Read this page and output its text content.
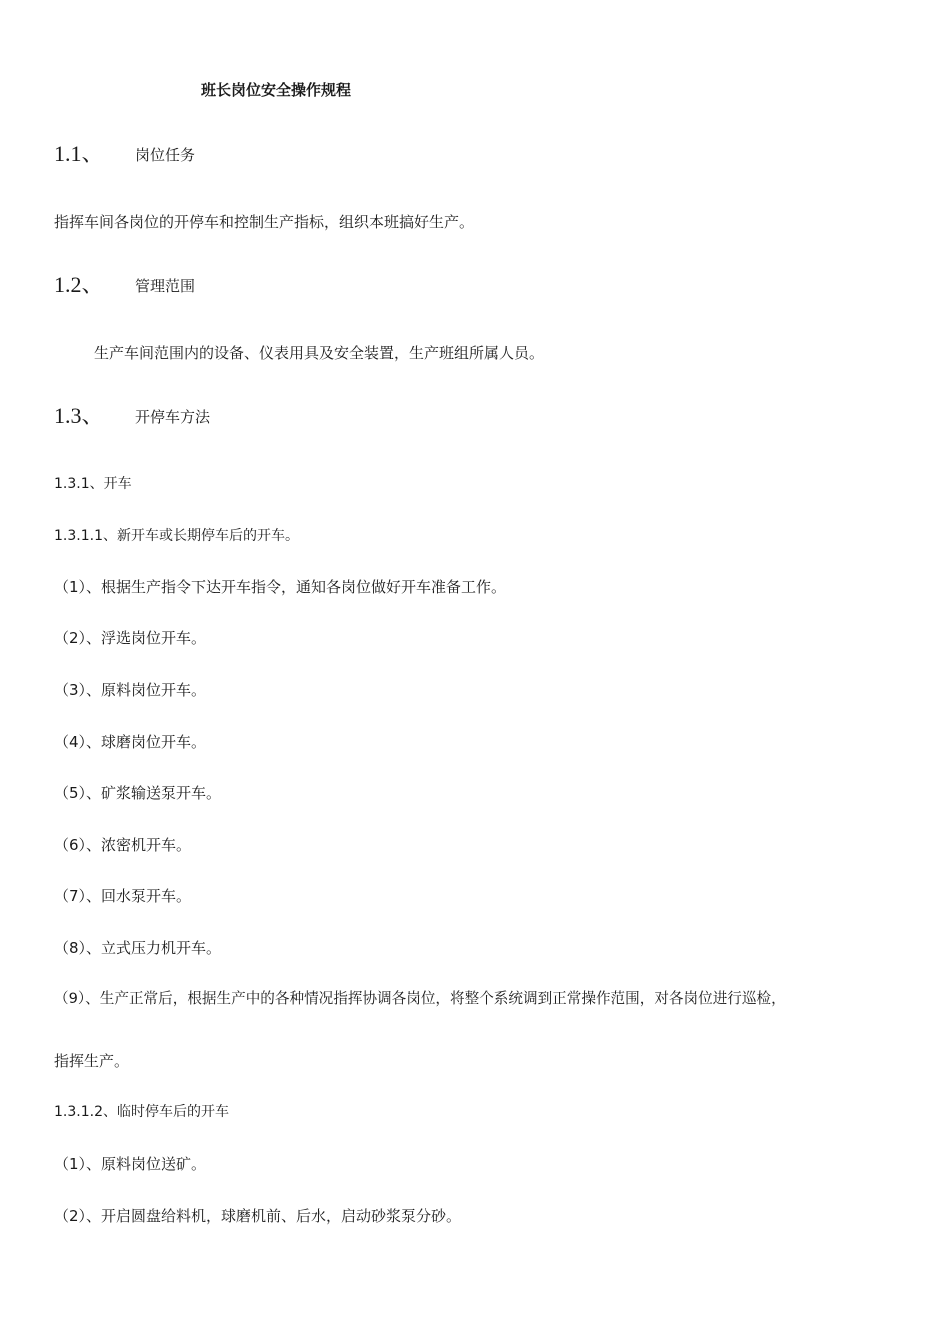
班长岗位安全操作规程
1.1、 岗位任务
指挥车间各岗位的开停车和控制生产指标，组织本班搞好生产。
1.2、 管理范围
生产车间范围内的设备、仪表用具及安全装置，生产班组所属人员。
1.3、 开停车方法
1.3.1、开车
1.3.1.1、新开车或长期停车后的开车。
（1）、根据生产指令下达开车指令，通知各岗位做好开车准备工作。
（2）、浮选岗位开车。
（3）、原料岗位开车。
（4）、球磨岗位开车。
（5）、矿浆输送泵开车。
（6）、浓密机开车。
（7）、回水泵开车。
（8）、立式压力机开车。
（9）、生产正常后，根据生产中的各种情况指挥协调各岗位，将整个系统调到正常操作范围，对各岗位进行巡检，
指挥生产。
1.3.1.2、临时停车后的开车
（1）、原料岗位送矿。
（2）、开启圆盘给料机，球磨机前、后水，启动砂浆泵分砂。
